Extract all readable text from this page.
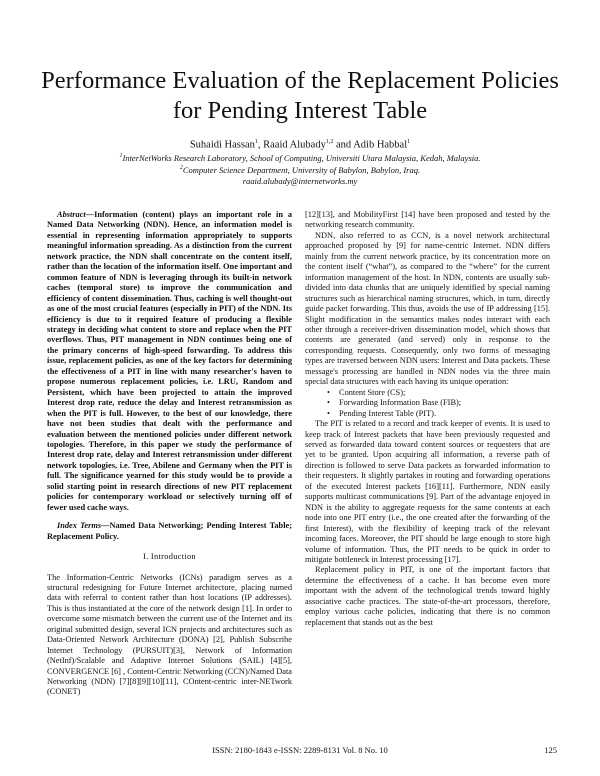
Performance Evaluation of the Replacement Policies
for Pending Interest Table
Suhaidi Hassan$^1$, Raaid Alubady$^{1,2}$ and Adib Habbal$^1$
$^1$InterNetWorks Research Laboratory, School of Computing, Universiti Utara Malaysia, Kedah, Malaysia.
$^2$Computer Science Department, University of Babylon, Babylon, Iraq.
raaid.alubady@internetworks.my

Abstract—Information (content) plays an important role in a Named Data Networking (NDN). Hence, an information model is essential in representing information appropriately to supports meaningful information spreading. As a distinction from the current network practice, the NDN shall concentrate on the content itself, rather than the location of the information itself. One important and common feature of NDN is leveraging through its built-in network caches (temporal store) to improve the communication and efficiency of content dissemination. Thus, caching is well thought-out as one of the most crucial features (especially in PIT) of the NDN. Its efficiency is due to it required feature of producing a flexible strategy in deciding what content to store and replace when the PIT overflows. Thus, PIT management in NDN continues being one of the primary concerns of high-speed forwarding. To address this issue, replacement policies, as one of the key factors for determining the effectiveness of a PIT in line with many researcher's haven to propose numerous replacement policies, i.e. LRU, Random and Persistent, which have been projected to attain the improved Interest drop rate, reduce the delay and Interest retransmission as when the PIT is full. However, to the best of our knowledge, there have not been studies that dealt with the performance and evaluation between the mentioned policies under different network topologies. Therefore, in this paper we study the performance of Interest drop rate, delay and Interest retransmission under different network topologies, i.e. Tree, Abilene and Germany when the PIT is full. The significance yearned for this study would be to provide a solid starting point in research directions of new PIT replacement policies for contemporary workload or selectively turning off of fewer used cache ways.

Index Terms—Named Data Networking; Pending Interest Table; Replacement Policy.

I. Introduction

The Information-Centric Networks (ICNs) paradigm serves as a structural redesigning for Future Internet architecture, placing named data with referral to content rather than host locations (IP addresses). This is thus instantiated at the core of the network design [1]. In order to overcome some mismatch between the current use of the Internet and its original submitted design, several ICN projects and architectures such as Data-Oriented Network Architecture (DONA) [2], Publish Subscribe Internet Technology (PURSUIT)[3], Network of Information (NetInf)/Scalable and Adaptive Internet Solutions (SAIL) [4][5], CONVERGENCE [6] , Content-Centric Networking (CCN)/Named Data Networking (NDN) [7][8][9][10][11], COntent-centric inter-NETwork (CONET)

[12][13], and MobilityFirst [14] have been proposed and tested by the networking research community.

NDN, also referred to as CCN, is a novel network architectural approached proposed by [9] for name-centric Internet. NDN differs mainly from the current network practice, by its concentration more on the content itself (“what”), as compared to the “where” for the current information management of the host. In NDN, contents are usually sub-divided into data chunks that are uniquely identified by special naming structures such as hierarchical naming structures, which, in turn, directly guide packet forwarding. This thus, avoids the use of IP addressing [15]. Slight modification in the semantics makes nodes interact with each other through a receiver-driven dissemination model, which shows that contents are generated (and served) only in response to the corresponding requests. Consequently, only two forms of messaging types are traversed between NDN users: Interest and Data packets. These message's processing are handled in NDN nodes via the three main special data structures with each having its unique operation:

• Content Store (CS);
• Forwarding Information Base (FIB);
• Pending Interest Table (PIT).

The PIT is related to a record and track keeper of events. It is used to keep track of Interest packets that have been previously requested and served as forwarded data toward content sources or requesters that are yet to be granted. Upon acquiring all information, a reverse path of direction is followed to serve Data packets as forwarded information to their requesters. It slightly partakes in routing and forwarding operations of the executed Interest packets [16][11]. Furthermore, NDN easily supports multicast communications [9]. Part of the advantage enjoyed in NDN is the ability to aggregate requests for the same contents at each node into one PIT entry (i.e., the one created after the forwarding of the first Interest), with the flexibility of keeping track of the relevant incoming faces. Moreover, the PIT should be large enough to store high volume of information. Thus, the PIT needs to be quick in order to mitigate bottleneck in Interest processing [17].

Replacement policy in PIT, is one of the important factors that determine the effectiveness of a cache. It has become even more important with the advent of the technological trends toward highly associative cache practices. The state-of-the-art processors, therefore, employ various cache policies, indicating that there is no common replacement that stands out as the best

ISSN: 2180-1843 e-ISSN: 2289-8131 Vol. 8 No. 10	125
